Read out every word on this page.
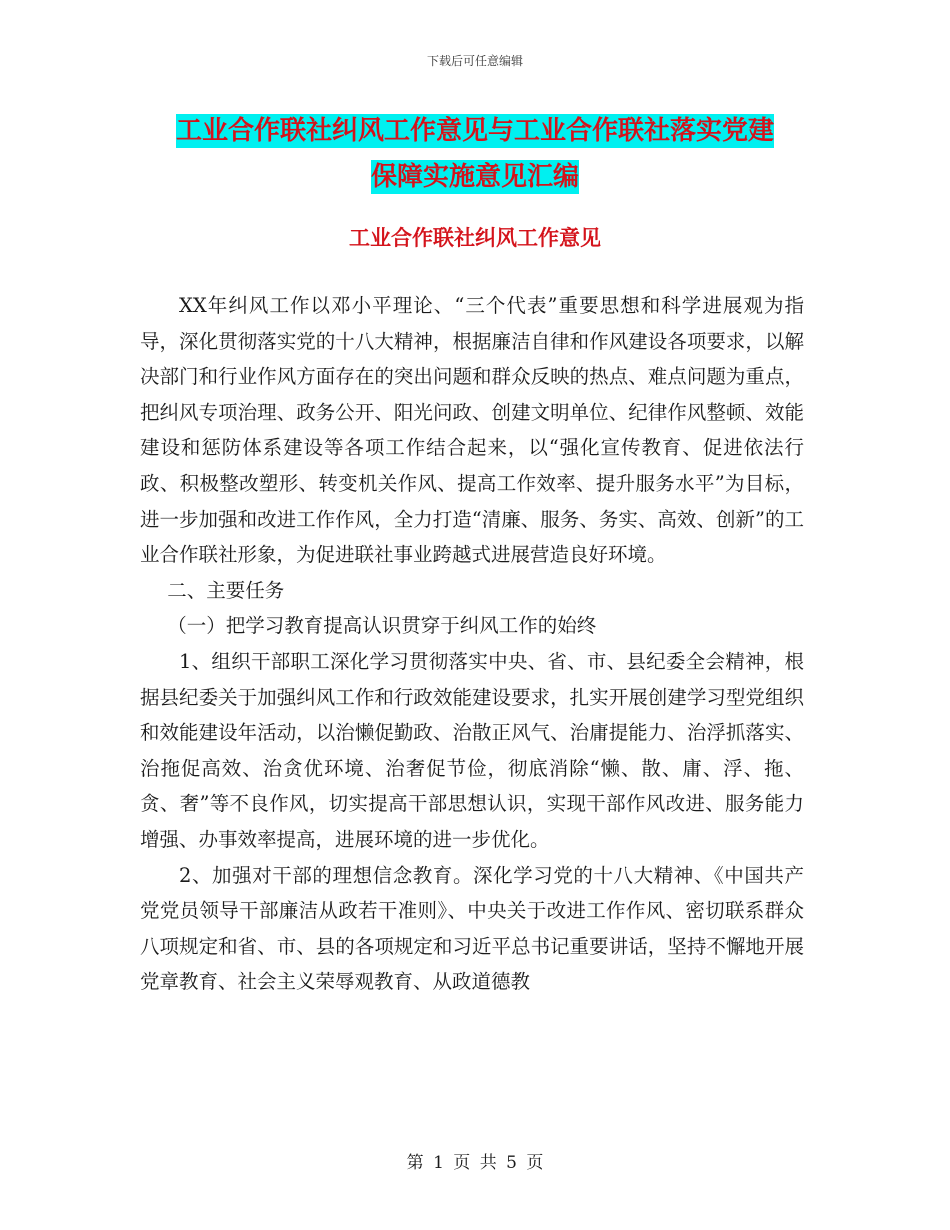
下载后可任意编辑
工业合作联社纠风工作意见与工业合作联社落实党建
保障实施意见汇编
工业合作联社纠风工作意见

XX年纠风工作以邓小平理论、“三个代表”重要思想和科学进展观为指导，深化贯彻落实党的十八大精神，根据廉洁自律和作风建设各项要求，以解决部门和行业作风方面存在的突出问题和群众反映的热点、难点问题为重点，把纠风专项治理、政务公开、阳光问政、创建文明单位、纪律作风整顿、效能建设和惩防体系建设等各项工作结合起来，以“强化宣传教育、促进依法行政、积极整改塑形、转变机关作风、提高工作效率、提升服务水平”为目标，进一步加强和改进工作作风，全力打造“清廉、服务、务实、高效、创新”的工业合作联社形象，为促进联社事业跨越式进展营造良好环境。

二、主要任务

（一）把学习教育提高认识贯穿于纠风工作的始终

1、组织干部职工深化学习贯彻落实中央、省、市、县纪委全会精神，根据县纪委关于加强纠风工作和行政效能建设要求，扎实开展创建学习型党组织和效能建设年活动，以治懒促勤政、治散正风气、治庸提能力、治浮抓落实、治拖促高效、治贪优环境、治奢促节俭，彻底消除“懒、散、庸、浮、拖、贪、奢”等不良作风，切实提高干部思想认识，实现干部作风改进、服务能力增强、办事效率提高，进展环境的进一步优化。

2、加强对干部的理想信念教育。深化学习党的十八大精神、《中国共产党党员领导干部廉洁从政若干准则》、中央关于改进工作作风、密切联系群众八项规定和省、市、县的各项规定和习近平总书记重要讲话，坚持不懈地开展党章教育、社会主义荣辱观教育、从政道德教

第 1 页 共 5 页
